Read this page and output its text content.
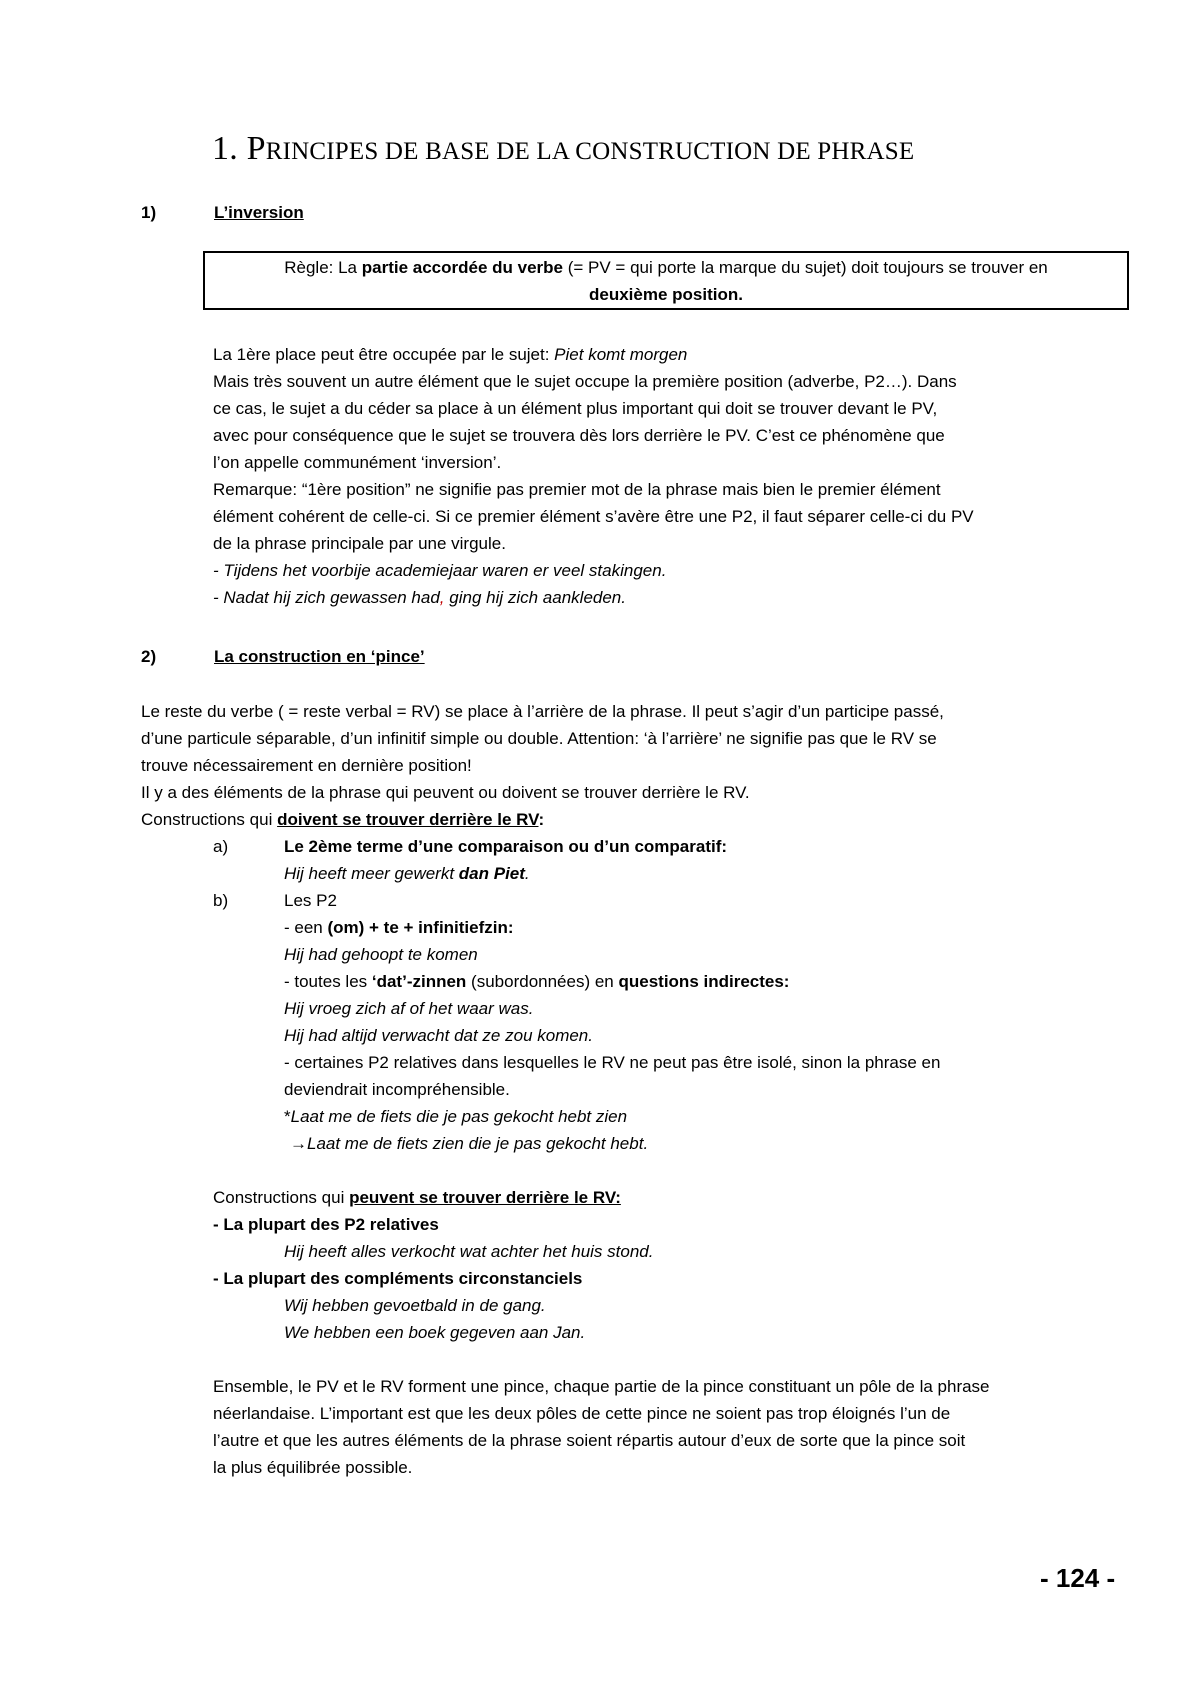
1. PRINCIPES DE BASE DE LA CONSTRUCTION DE PHRASE
1)	L’inversion
Règle: La partie accordée du verbe (= PV = qui porte la marque du sujet) doit toujours se trouver en
deuxième position.
La 1ère place peut être occupée par le sujet: Piet komt morgen
Mais très souvent un autre élément que le sujet occupe la première position (adverbe, P2…). Dans
ce cas, le sujet a du céder sa place à un élément plus important qui doit se trouver devant le PV,
avec pour conséquence que le sujet se trouvera dès lors derrière le PV. C’est ce phénomène que
l’on appelle communément ‘inversion’.
Remarque: “1ère position” ne signifie pas premier mot de la phrase mais bien le premier élément
élément cohérent de celle-ci. Si ce premier élément s’avère être une P2, il faut séparer celle-ci du PV
de la phrase principale par une virgule.
- Tijdens het voorbije academiejaar waren er veel stakingen.
- Nadat hij zich gewassen had, ging hij zich aankleden.
2)	La construction en ‘pince’
Le reste du verbe ( = reste verbal = RV) se place à l’arrière de la phrase. Il peut s’agir d’un participe passé,
d’une particule séparable, d’un infinitif simple ou double. Attention: ‘à l’arrière’ ne signifie pas que le RV se
trouve nécessairement en dernière position!
Il y a des éléments de la phrase qui peuvent ou doivent se trouver derrière le RV.
Constructions qui doivent se trouver derrière le RV:
a)	Le 2ème terme d’une comparaison ou d’un comparatif:
Hij heeft meer gewerkt dan Piet.
b)	Les P2
- een (om) + te + infinitiefzin:
Hij had gehoopt te komen
- toutes les ‘dat’-zinnen (subordonnées) en questions indirectes:
Hij vroeg zich af of het waar was.
Hij had altijd verwacht dat ze zou komen.
- certaines P2 relatives dans lesquelles le RV ne peut pas être isolé, sinon la phrase en
deviendrait incompréhensible.
*Laat me de fiets die je pas gekocht hebt zien
→Laat me de fiets zien die je pas gekocht hebt.
Constructions qui peuvent se trouver derrière le RV:
- La plupart des P2 relatives
Hij heeft alles verkocht wat achter het huis stond.
- La plupart des compléments circonstanciels
Wij hebben gevoetbald in de gang.
We hebben een boek gegeven aan Jan.
Ensemble, le PV et le RV forment une pince, chaque partie de la pince constituant un pôle de la phrase
néerlandaise. L’important est que les deux pôles de cette pince ne soient pas trop éloignés l’un de
l’autre et que les autres éléments de la phrase soient répartis autour d’eux de sorte que la pince soit
la plus équilibrée possible.
- 124 -
